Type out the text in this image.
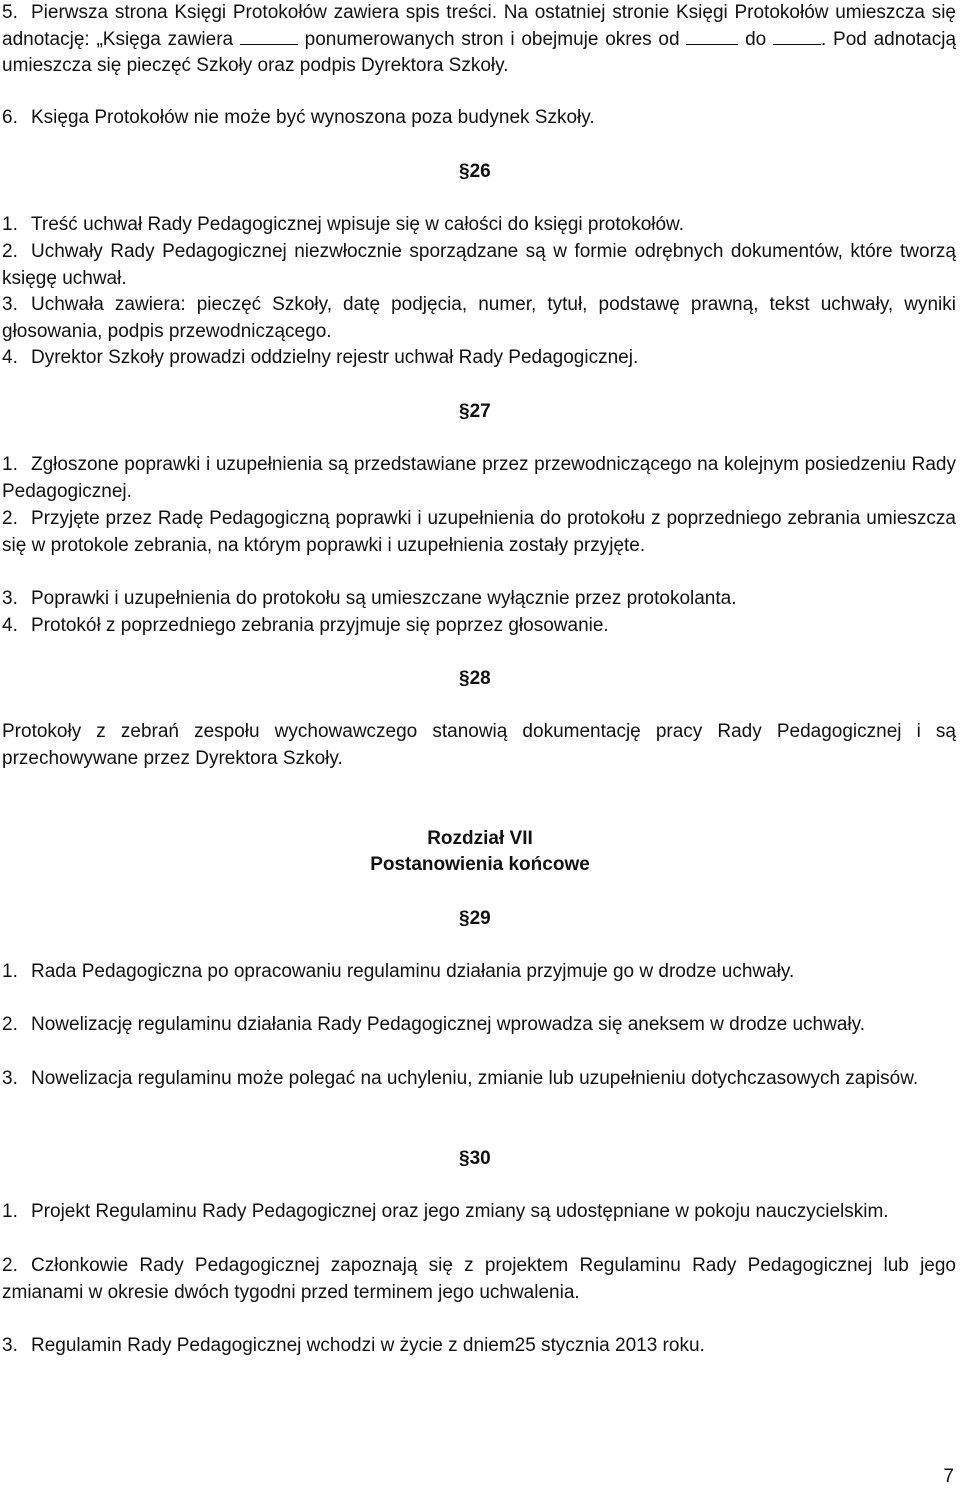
5. Pierwsza strona Księgi Protokołów zawiera spis treści. Na ostatniej stronie Księgi Protokołów umieszcza się adnotację: „Księga zawiera	ponumerowanych stron i obejmuje okres od	do	. Pod adnotacją umieszcza się pieczęć Szkoły oraz podpis Dyrektora Szkoły.

6. Księga Protokołów nie może być wynoszona poza budynek Szkoły.

§26

1. Treść uchwał Rady Pedagogicznej wpisuje się w całości do księgi protokołów.

2. Uchwały Rady Pedagogicznej niezwłocznie sporządzane są w formie odrębnych dokumentów, które tworzą księgę uchwał.

3. Uchwała zawiera: pieczęć Szkoły, datę podjęcia, numer, tytuł, podstawę prawną, tekst uchwały, wyniki głosowania, podpis przewodniczącego.

4. Dyrektor Szkoły prowadzi oddzielny rejestr uchwał Rady Pedagogicznej.

§27

1. Zgłoszone poprawki i uzupełnienia są przedstawiane przez przewodniczącego na kolejnym posiedzeniu Rady Pedagogicznej.

2. Przyjęte przez Radę Pedagogiczną poprawki i uzupełnienia do protokołu z poprzedniego zebrania umieszcza się w protokole zebrania, na którym poprawki i uzupełnienia zostały przyjęte.

3. Poprawki i uzupełnienia do protokołu są umieszczane wyłącznie przez protokolanta.

4. Protokół z poprzedniego zebrania przyjmuje się poprzez głosowanie.

§28

Protokoły z zebrań zespołu wychowawczego stanowią dokumentację pracy Rady Pedagogicznej i są przechowywane przez Dyrektora Szkoły.

Rozdział VII

Postanowienia końcowe

§29

1. Rada Pedagogiczna po opracowaniu regulaminu działania przyjmuje go w drodze uchwały.

2. Nowelizację regulaminu działania Rady Pedagogicznej wprowadza się aneksem w drodze uchwały.

3. Nowelizacja regulaminu może polegać na uchyleniu, zmianie lub uzupełnieniu dotychczasowych zapisów.

§30

1. Projekt Regulaminu Rady Pedagogicznej oraz jego zmiany są udostępniane w pokoju nauczycielskim.

2. Członkowie Rady Pedagogicznej zapoznają się z projektem Regulaminu Rady Pedagogicznej lub jego zmianami w okresie dwóch tygodni przed terminem jego uchwalenia.

3. Regulamin Rady Pedagogicznej wchodzi w życie z dniem25 stycznia 2013 roku.

7
